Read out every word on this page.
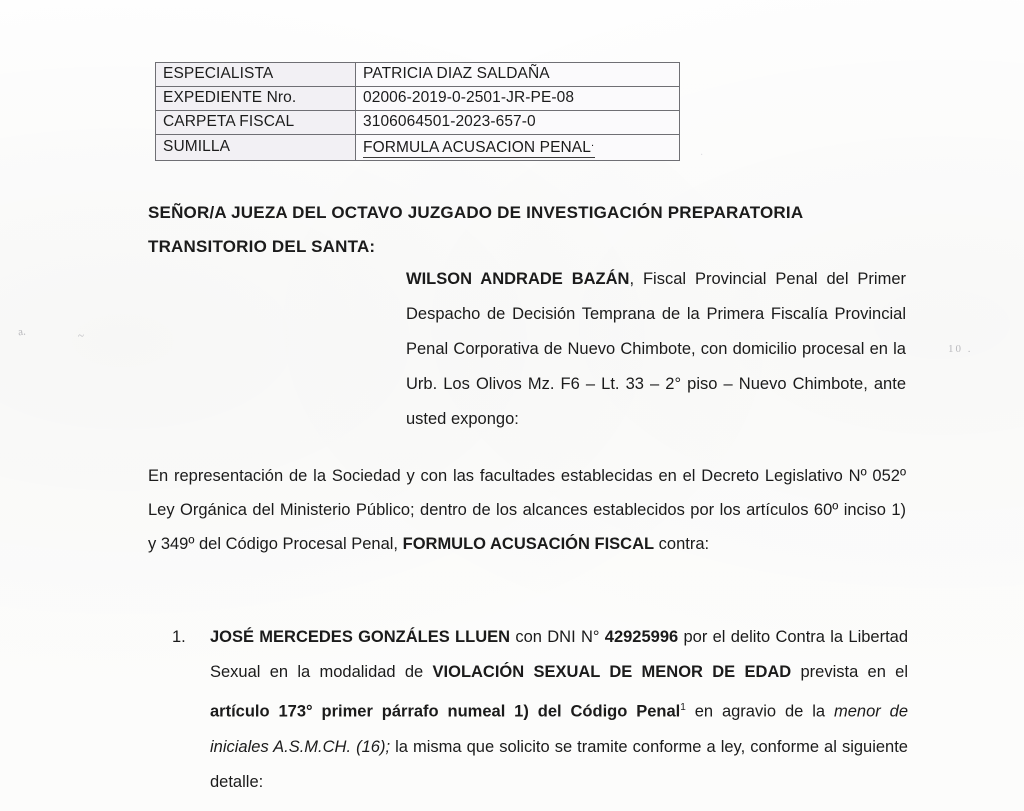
ESPECIALISTA	PATRICIA DIAZ SALDAÑA
EXPEDIENTE Nro.	02006-2019-0-2501-JR-PE-08
CARPETA FISCAL	3106064501-2023-657-0
SUMILLA	FORMULA ACUSACION PENAL.
SEÑOR/A JUEZA DEL OCTAVO JUZGADO DE INVESTIGACIÓN PREPARATORIA
TRANSITORIO DEL SANTA:
WILSON ANDRADE BAZÁN, Fiscal Provincial Penal del Primer Despacho de Decisión Temprana de la Primera Fiscalía Provincial Penal Corporativa de Nuevo Chimbote, con domicilio procesal en la Urb. Los Olivos Mz. F6 – Lt. 33 – 2° piso – Nuevo Chimbote, ante usted expongo:
En representación de la Sociedad y con las facultades establecidas en el Decreto Legislativo Nº 052º Ley Orgánica del Ministerio Público; dentro de los alcances establecidos por los artículos 60º inciso 1) y 349º del Código Procesal Penal, FORMULO ACUSACIÓN FISCAL contra:
1.	JOSÉ MERCEDES GONZÁLES LLUEN con DNI N° 42925996 por el delito Contra la Libertad Sexual en la modalidad de VIOLACIÓN SEXUAL DE MENOR DE EDAD prevista en el artículo 173° primer párrafo numeal 1) del Código Penal$^1$ en agravio de la menor de iniciales A.S.M.CH. (16); la misma que solicito se tramite conforme a ley, conforme al siguiente detalle:
a.	~
10 .
·
